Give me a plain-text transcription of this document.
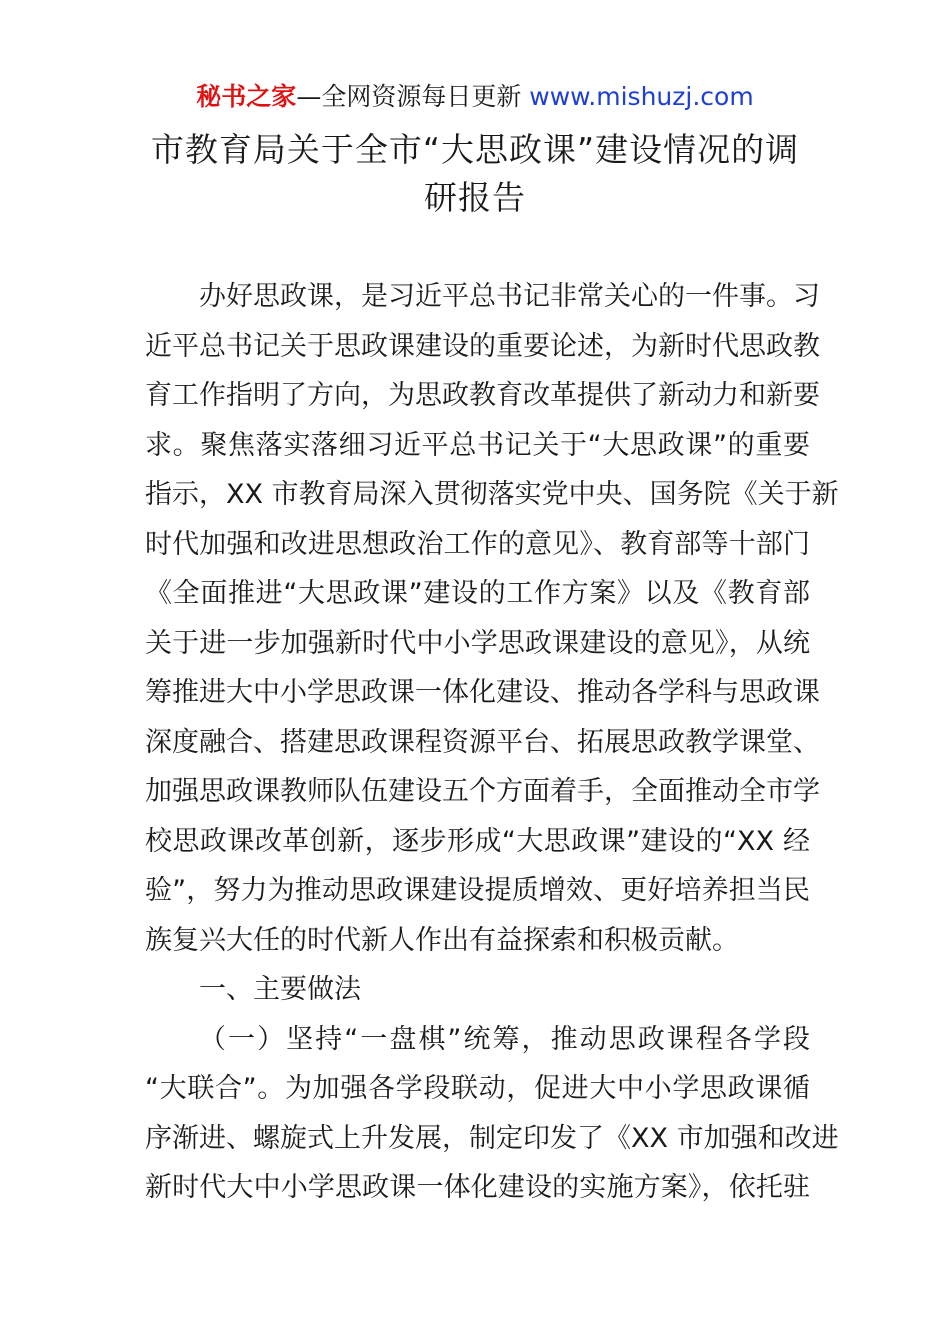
秘书之家—全网资源每日更新 www.mishuzj.com
市教育局关于全市“大思政课”建设情况的调
研报告
办好思政课，是习近平总书记非常关心的一件事。习
近平总书记关于思政课建设的重要论述，为新时代思政教
育工作指明了方向，为思政教育改革提供了新动力和新要
求。聚焦落实落细习近平总书记关于“大思政课”的重要
指示，XX 市教育局深入贯彻落实党中央、国务院《关于新
时代加强和改进思想政治工作的意见》、教育部等十部门
《全面推进“大思政课”建设的工作方案》以及《教育部
关于进一步加强新时代中小学思政课建设的意见》，从统
筹推进大中小学思政课一体化建设、推动各学科与思政课
深度融合、搭建思政课程资源平台、拓展思政教学课堂、
加强思政课教师队伍建设五个方面着手，全面推动全市学
校思政课改革创新，逐步形成“大思政课”建设的“XX 经
验”，努力为推动思政课建设提质增效、更好培养担当民
族复兴大任的时代新人作出有益探索和积极贡献。
一、主要做法
（一）坚持“一盘棋”统筹，推动思政课程各学段
“大联合”。为加强各学段联动，促进大中小学思政课循
序渐进、螺旋式上升发展，制定印发了《XX 市加强和改进
新时代大中小学思政课一体化建设的实施方案》，依托驻
